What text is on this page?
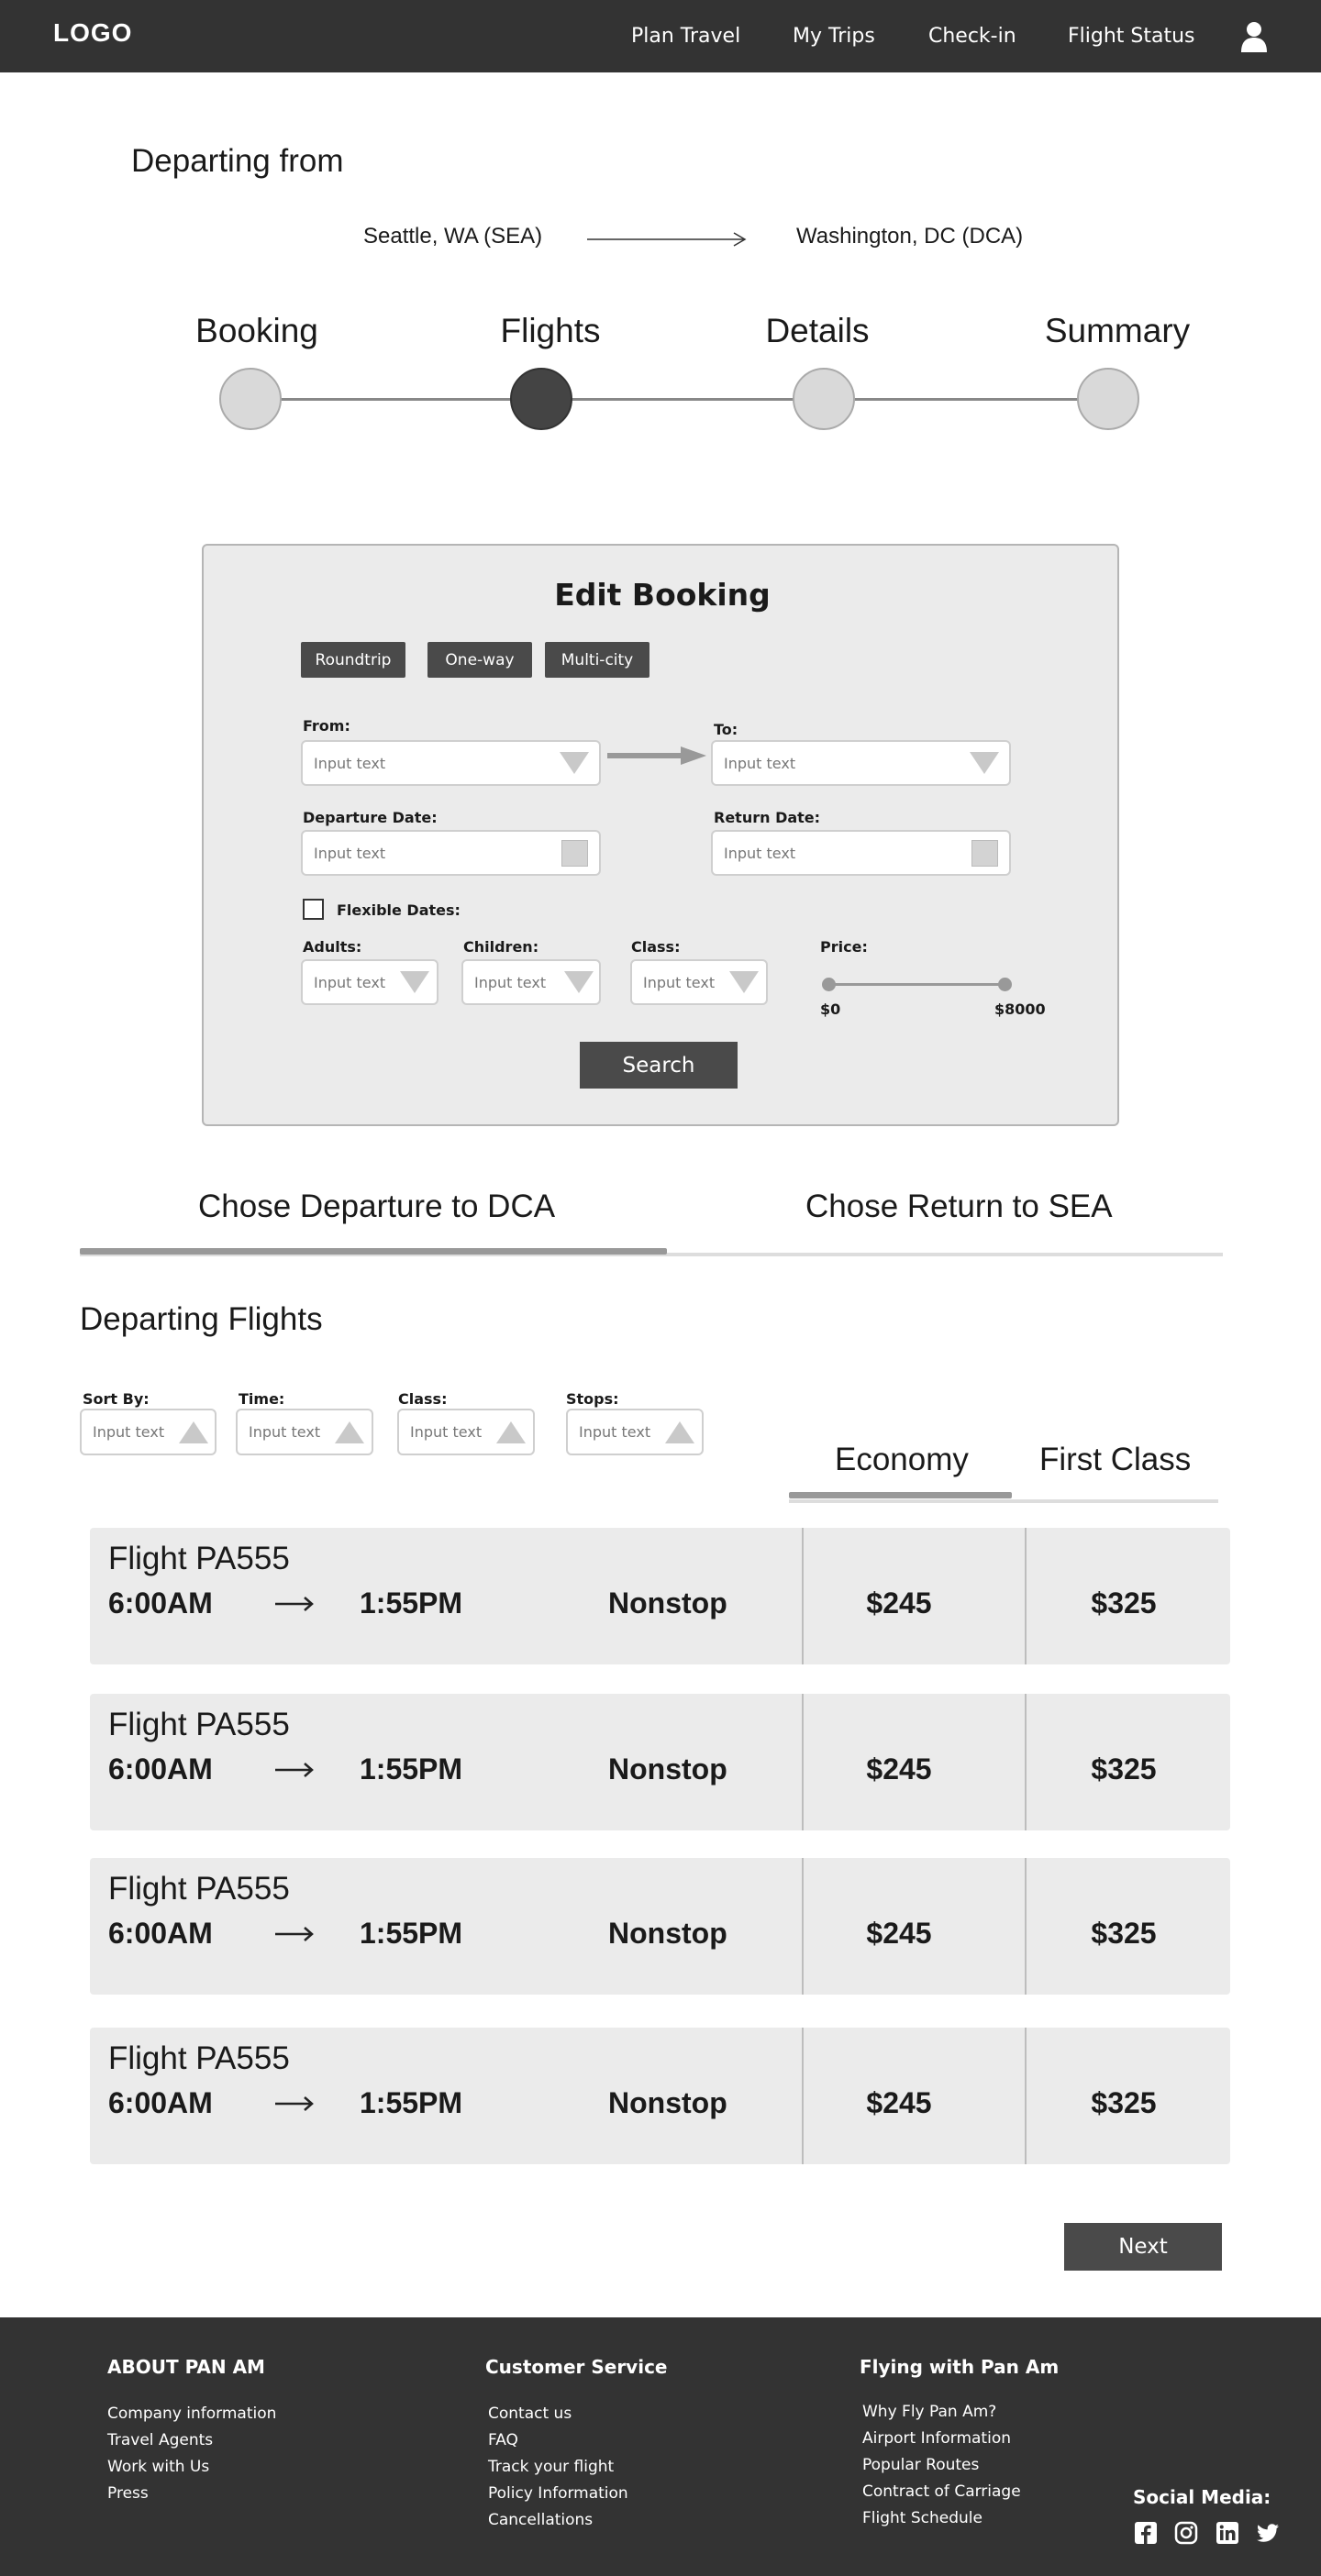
LOGO	Plan Travel	My Trips	Check-in	Flight Status
Departing from
Seattle, WA (SEA)	Washington, DC (DCA)
Booking	Flights	Details	Summary
Edit Booking
Roundtrip	One-way	Multi-city
From:
Input text
To:
Input text
Departure Date:
Input text
Return Date:
Input text
Flexible Dates:
Adults:
Input text
Children:
Input text
Class:
Input text
Price:
$0	$8000
Search
Chose Departure to DCA	Chose Return to SEA
Departing Flights
Sort By:
Input text
Time:
Input text
Class:
Input text
Stops:
Input text
Economy First Class
Flight PA555
6:00AM	1:55PM	Nonstop	$245	$325
Flight PA555
6:00AM	1:55PM	Nonstop	$245	$325
Flight PA555
6:00AM	1:55PM	Nonstop	$245	$325
Flight PA555
6:00AM	1:55PM	Nonstop	$245	$325
Next
ABOUT PAN AM
Company information
Travel Agents
Work with Us
Press
Customer Service
Contact us
FAQ
Track your flight
Policy Information
Cancellations
Flying with Pan Am
Why Fly Pan Am?
Airport Information
Popular Routes
Contract of Carriage
Flight Schedule
Social Media:
